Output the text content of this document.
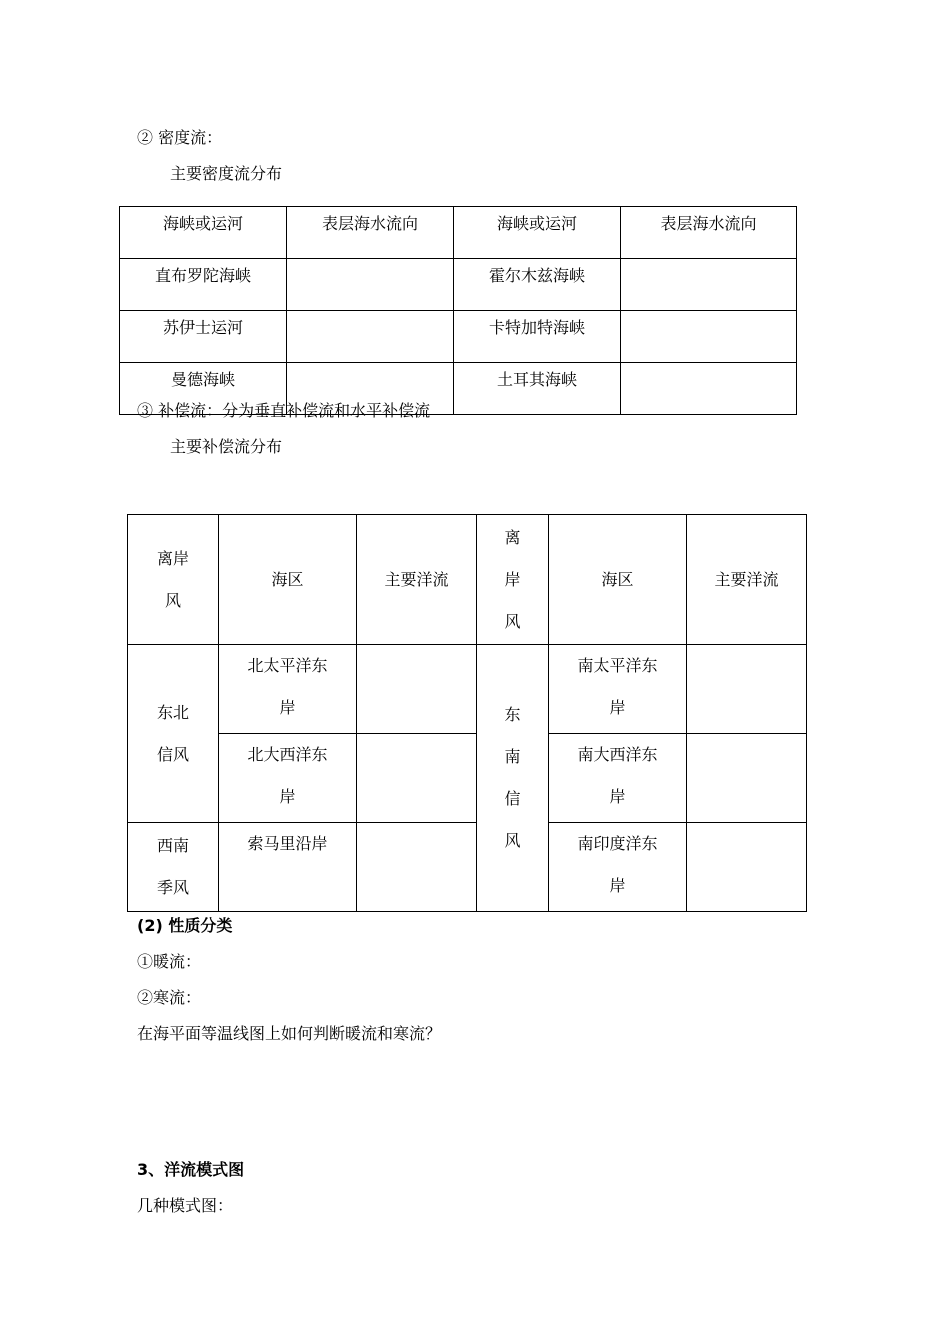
② 密度流：
主要密度流分布
海峡或运河	表层海水流向	海峡或运河	表层海水流向
直布罗陀海峡		霍尔木兹海峡	
苏伊士运河		卡特加特海峡	
曼德海峡		土耳其海峡	
③ 补偿流：分为垂直补偿流和水平补偿流
主要补偿流分布
离岸风	海区	主要洋流	离岸风	海区	主要洋流
东北信风	北太平洋东岸		东南信风	南太平洋东岸	
	北大西洋东岸			南大西洋东岸	
西南季风	索马里沿岸			南印度洋东岸	
(2) 性质分类
①暖流：
②寒流：
在海平面等温线图上如何判断暖流和寒流？
3、洋流模式图
几种模式图：
